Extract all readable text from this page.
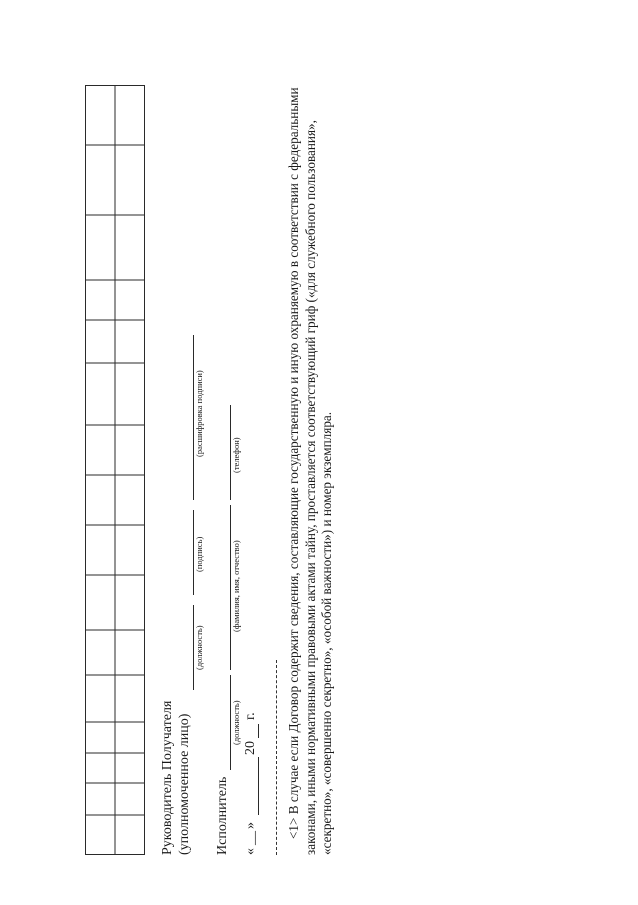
Руководитель Получателя (уполномоченное лицо)
(должность)
(подпись)
(расшифровка подписи)
Исполнитель
(должность)
(фамилия, имя, отчество)
(телефон)
«
__
»
20
г. <1> В случае если Договор содержит сведения, составляющие государственную и иную охраняемую в соответствии с федеральными законами, иными нормативными правовыми актами тайну, проставляется соответствующий гриф («для служебного пользования», «секретно», «совершенно секретно», «особой важности») и номер экземпляра.
